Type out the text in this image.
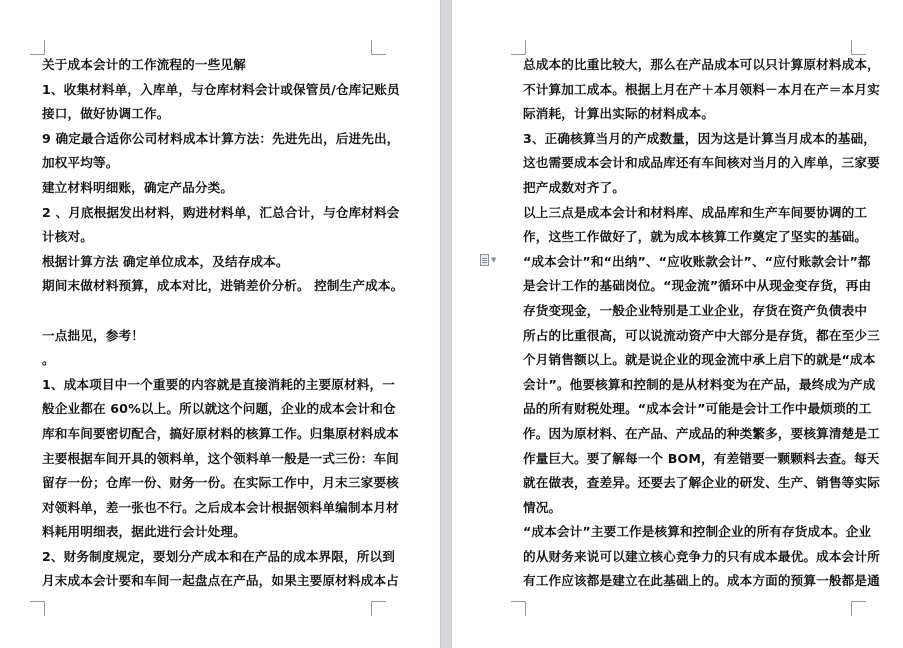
关于成本会计的工作流程的一些见解
1、收集材料单，入库单，与仓库材料会计或保管员/仓库记账员
接口，做好协调工作。
9 确定最合适你公司材料成本计算方法：先进先出，后进先出，
加权平均等。
建立材料明细账，确定产品分类。
2 、月底根据发出材料，购进材料单，汇总合计，与仓库材料会
计核对。
根据计算方法 确定单位成本，及结存成本。
期间末做材料预算，成本对比，进销差价分析。 控制生产成本。
一点拙见，参考！
。
1、成本项目中一个重要的内容就是直接消耗的主要原材料，一
般企业都在 60%以上。所以就这个问题，企业的成本会计和仓
库和车间要密切配合，搞好原材料的核算工作。归集原材料成本
主要根据车间开具的领料单，这个领料单一般是一式三份：车间
留存一份；仓库一份、财务一份。在实际工作中，月末三家要核
对领料单，差一张也不行。之后成本会计根据领料单编制本月材
料耗用明细表，据此进行会计处理。
2、财务制度规定，要划分产成本和在产品的成本界限，所以到
月末成本会计要和车间一起盘点在产品，如果主要原材料成本占
▼
总成本的比重比较大，那么在产品成本可以只计算原材料成本，
不计算加工成本。根据上月在产＋本月领料－本月在产＝本月实
际消耗，计算出实际的材料成本。
3、正确核算当月的产成数量，因为这是计算当月成本的基础，
这也需要成本会计和成品库还有车间核对当月的入库单，三家要
把产成数对齐了。
以上三点是成本会计和材料库、成品库和生产车间要协调的工
作，这些工作做好了，就为成本核算工作奠定了坚实的基础。
“成本会计”和“出纳”、“应收账款会计”、“应付账款会计”都
是会计工作的基础岗位。“现金流”循环中从现金变存货，再由
存货变现金，一般企业特别是工业企业，存货在资产负债表中
所占的比重很高，可以说流动资产中大部分是存货，都在至少三
个月销售额以上。就是说企业的现金流中承上启下的就是“成本
会计”。他要核算和控制的是从材料变为在产品，最终成为产成
品的所有财税处理。“成本会计”可能是会计工作中最烦琐的工
作。因为原材料、在产品、产成品的种类繁多，要核算清楚是工
作量巨大。要了解每一个 BOM，有差错要一颗颗料去查。每天
就在做表，查差异。还要去了解企业的研发、生产、销售等实际
情况。
“成本会计”主要工作是核算和控制企业的所有存货成本。企业
的从财务来说可以建立核心竞争力的只有成本最优。成本会计所
有工作应该都是建立在此基础上的。成本方面的预算一般都是通
